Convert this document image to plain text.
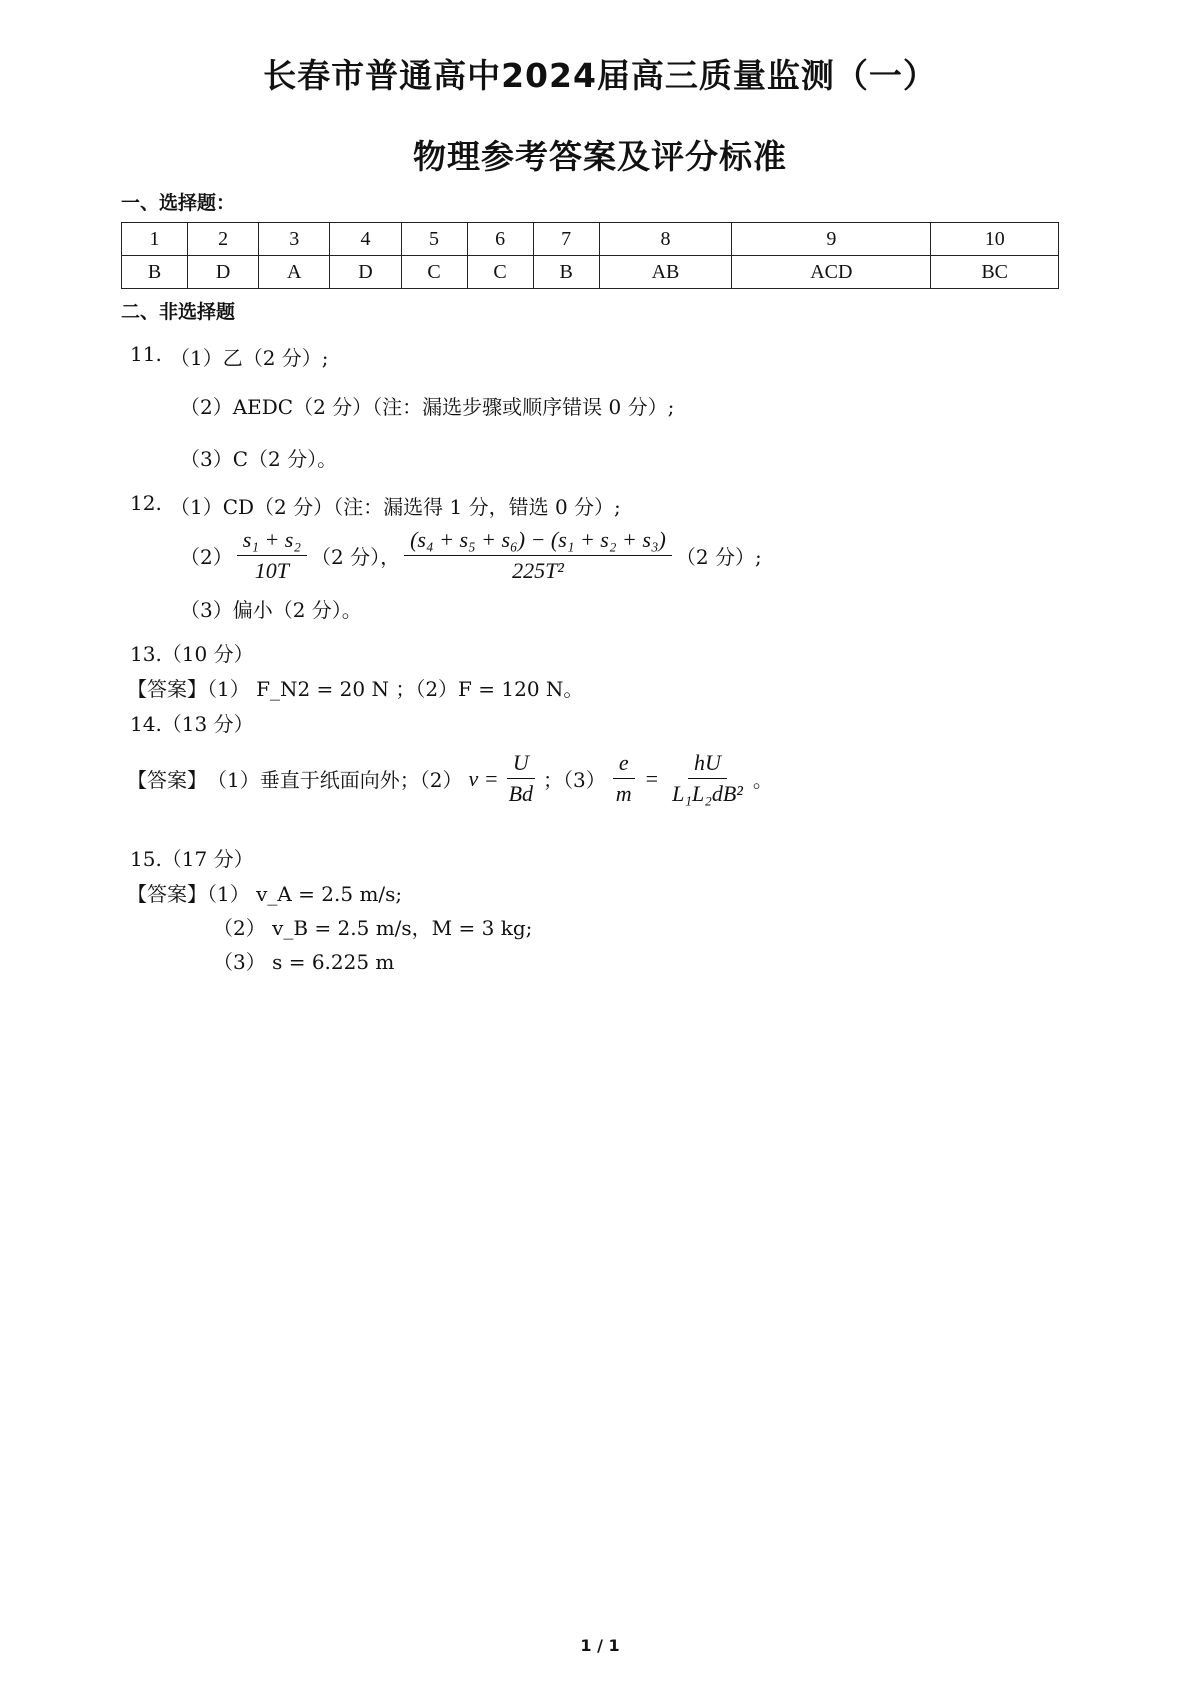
长春市普通高中2024届高三质量监测（一）
物理参考答案及评分标准
一、选择题：
1	2	3	4	5	6	7	8	9	10
B	D	A	D	C	C	B	AB	ACD	BC
二、非选择题
11. （1）乙（2 分）;
（2）AEDC（2 分）（注：漏选步骤或顺序错误 0 分）;
（3）C（2 分）。
12. （1）CD（2 分）（注：漏选得 1 分，错选 0 分）;
$(2) \frac{\text{s₁ + s₂}}{10T} (2$ 分）， $\frac{\text{(s₄ + s₅ + s₆) − (s₁ + s₂ + s₃)}}{\text{225T²}} (2$ 分）;
（3）偏小（2 分）。
13.（10 分）
【答案】（1） F_N2 = 20 N ；（2）F = 120 N。
14.（13 分）
【答案】 （1）垂直于纸面向外；（2） $v = \frac{U}{Bd}$ ；$(3) \frac{e}{m} = \frac{hU}{\text{L₁L₂dB²}}$ 。
15.（17 分）
【答案】（1） v_A = 2.5 m/s;
（2） v_B = 2.5 m/s，M = 3 kg;
（3） s = 6.225 m
1 / 1
